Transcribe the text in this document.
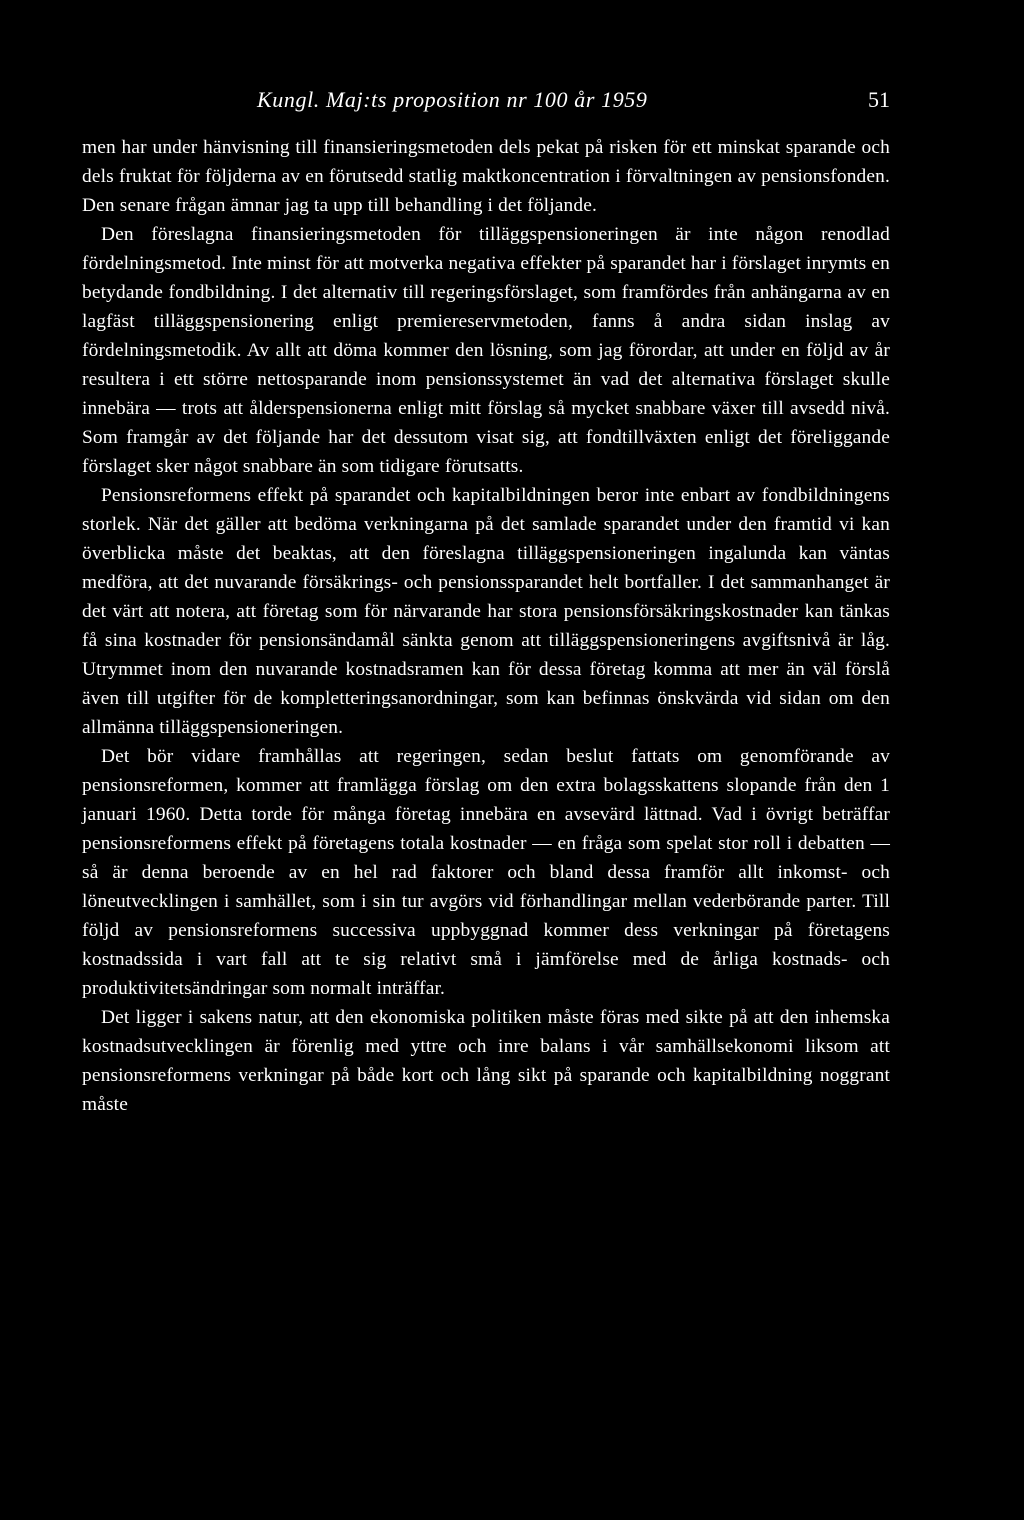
Kungl. Maj:ts proposition nr 100 år 1959	51

men har under hänvisning till finansieringsmetoden dels pekat på risken för ett minskat sparande och dels fruktat för följderna av en förutsedd statlig maktkoncentration i förvaltningen av pensionsfonden. Den senare frågan ämnar jag ta upp till behandling i det följande.

Den föreslagna finansieringsmetoden för tilläggspensioneringen är inte någon renodlad fördelningsmetod. Inte minst för att motverka negativa effekter på sparandet har i förslaget inrymts en betydande fondbildning. I det alternativ till regeringsförslaget, som framfördes från anhängarna av en lagfäst tilläggspensionering enligt premiereservmetoden, fanns å andra sidan inslag av fördelningsmetodik. Av allt att döma kommer den lösning, som jag förordar, att under en följd av år resultera i ett större nettosparande inom pensionssystemet än vad det alternativa förslaget skulle innebära — trots att ålderspensionerna enligt mitt förslag så mycket snabbare växer till avsedd nivå. Som framgår av det följande har det dessutom visat sig, att fondtillväxten enligt det föreliggande förslaget sker något snabbare än som tidigare förutsatts.

Pensionsreformens effekt på sparandet och kapitalbildningen beror inte enbart av fondbildningens storlek. När det gäller att bedöma verkningarna på det samlade sparandet under den framtid vi kan överblicka måste det beaktas, att den föreslagna tilläggspensioneringen ingalunda kan väntas medföra, att det nuvarande försäkrings- och pensionssparandet helt bortfaller. I det sammanhanget är det värt att notera, att företag som för närvarande har stora pensionsförsäkringskostnader kan tänkas få sina kostnader för pensionsändamål sänkta genom att tilläggspensioneringens avgiftsnivå är låg. Utrymmet inom den nuvarande kostnadsramen kan för dessa företag komma att mer än väl förslå även till utgifter för de kompletteringsanordningar, som kan befinnas önskvärda vid sidan om den allmänna tilläggspensioneringen.

Det bör vidare framhållas att regeringen, sedan beslut fattats om genomförande av pensionsreformen, kommer att framlägga förslag om den extra bolagsskattens slopande från den 1 januari 1960. Detta torde för många företag innebära en avsevärd lättnad. Vad i övrigt beträffar pensionsreformens effekt på företagens totala kostnader — en fråga som spelat stor roll i debatten — så är denna beroende av en hel rad faktorer och bland dessa framför allt inkomst- och löneutvecklingen i samhället, som i sin tur avgörs vid förhandlingar mellan vederbörande parter. Till följd av pensionsreformens successiva uppbyggnad kommer dess verkningar på företagens kostnadssida i vart fall att te sig relativt små i jämförelse med de årliga kostnads- och produktivitetsändringar som normalt inträffar.

Det ligger i sakens natur, att den ekonomiska politiken måste föras med sikte på att den inhemska kostnadsutvecklingen är förenlig med yttre och inre balans i vår samhällsekonomi liksom att pensionsreformens verkningar på både kort och lång sikt på sparande och kapitalbildning noggrant måste
